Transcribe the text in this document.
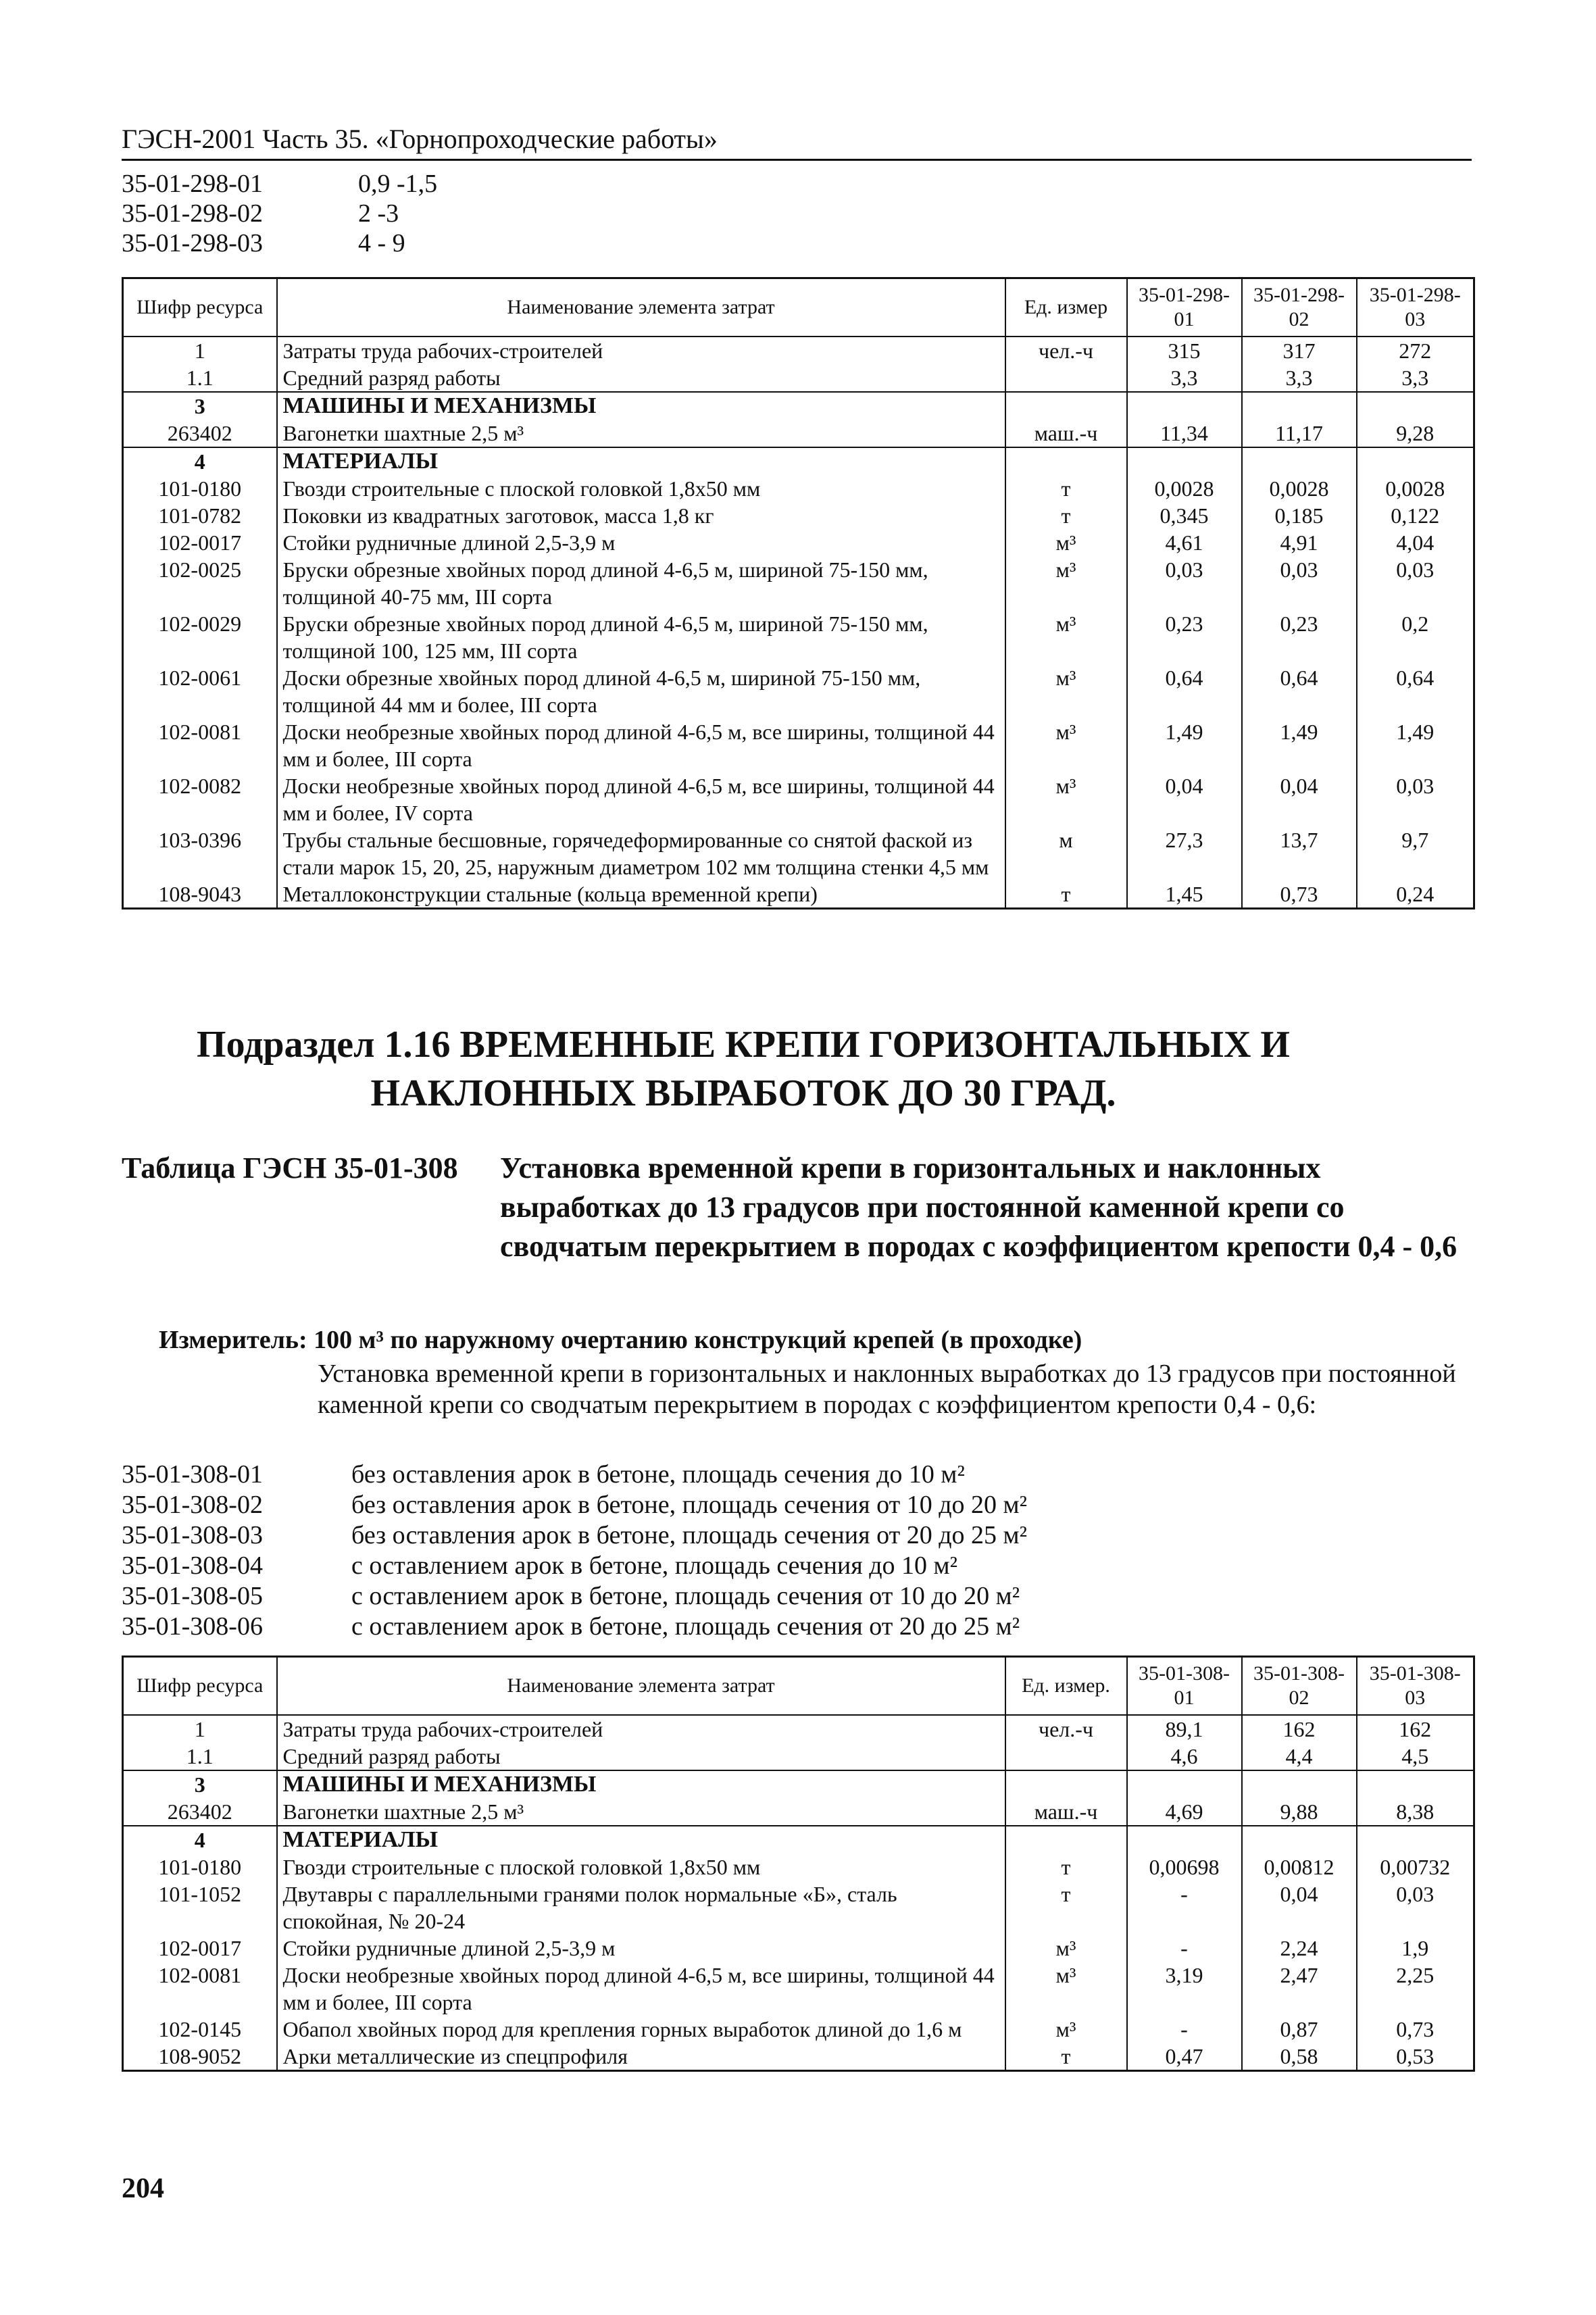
ГЭСН-2001 Часть 35. «Горнопроходческие работы»
35-01-298-01	0,9 -1,5
35-01-298-02	2 -3
35-01-298-03	4 - 9
Шифр ресурса	Наименование элемента затрат	Ед. измер	35-01-298-01	35-01-298-02	35-01-298-03
1	Затраты труда рабочих-строителей	чел.-ч	315	317	272
1.1	Средний разряд работы		3,3	3,3	3,3
3	МАШИНЫ И МЕХАНИЗМЫ				
263402	Вагонетки шахтные 2,5 м³	маш.-ч	11,34	11,17	9,28
4	МАТЕРИАЛЫ				
101-0180	Гвозди строительные с плоской головкой 1,8х50 мм	т	0,0028	0,0028	0,0028
101-0782	Поковки из квадратных заготовок, масса 1,8 кг	т	0,345	0,185	0,122
102-0017	Стойки рудничные длиной 2,5-3,9 м	м³	4,61	4,91	4,04
102-0025	Бруски обрезные хвойных пород длиной 4-6,5 м, шириной 75-150 мм, толщиной 40-75 мм, III сорта	м³	0,03	0,03	0,03
102-0029	Бруски обрезные хвойных пород длиной 4-6,5 м, шириной 75-150 мм, толщиной 100, 125 мм, III сорта	м³	0,23	0,23	0,2
102-0061	Доски обрезные хвойных пород длиной 4-6,5 м, шириной 75-150 мм, толщиной 44 мм и более, III сорта	м³	0,64	0,64	0,64
102-0081	Доски необрезные хвойных пород длиной 4-6,5 м, все ширины, толщиной 44 мм и более, III сорта	м³	1,49	1,49	1,49
102-0082	Доски необрезные хвойных пород длиной 4-6,5 м, все ширины, толщиной 44 мм и более, IV сорта	м³	0,04	0,04	0,03
103-0396	Трубы стальные бесшовные, горячедеформированные со снятой фаской из стали марок 15, 20, 25, наружным диаметром 102 мм толщина стенки 4,5 мм	м	27,3	13,7	9,7
108-9043	Металлоконструкции стальные (кольца временной крепи)	т	1,45	0,73	0,24
Подраздел 1.16 ВРЕМЕННЫЕ КРЕПИ ГОРИЗОНТАЛЬНЫХ И
НАКЛОННЫХ ВЫРАБОТОК ДО 30 ГРАД.
Таблица ГЭСН 35-01-308	Установка временной крепи в горизонтальных и наклонных выработках до 13 градусов при постоянной каменной крепи со сводчатым перекрытием в породах с коэффициентом крепости 0,4 - 0,6
Измеритель: 100 м³ по наружному очертанию конструкций крепей (в проходке)
Установка временной крепи в горизонтальных и наклонных выработках до 13 градусов при постоянной каменной крепи со сводчатым перекрытием в породах с коэффициентом крепости 0,4 - 0,6:
35-01-308-01	без оставления арок в бетоне, площадь сечения до 10 м²
35-01-308-02	без оставления арок в бетоне, площадь сечения от 10 до 20 м²
35-01-308-03	без оставления арок в бетоне, площадь сечения от 20 до 25 м²
35-01-308-04	с оставлением арок в бетоне, площадь сечения до 10 м²
35-01-308-05	с оставлением арок в бетоне, площадь сечения от 10 до 20 м²
35-01-308-06	с оставлением арок в бетоне, площадь сечения от 20 до 25 м²
Шифр ресурса	Наименование элемента затрат	Ед. измер.	35-01-308-01	35-01-308-02	35-01-308-03
1	Затраты труда рабочих-строителей	чел.-ч	89,1	162	162
1.1	Средний разряд работы		4,6	4,4	4,5
3	МАШИНЫ И МЕХАНИЗМЫ				
263402	Вагонетки шахтные 2,5 м³	маш.-ч	4,69	9,88	8,38
4	МАТЕРИАЛЫ				
101-0180	Гвозди строительные с плоской головкой 1,8х50 мм	т	0,00698	0,00812	0,00732
101-1052	Двутавры с параллельными гранями полок нормальные «Б», сталь спокойная, № 20-24	т	-	0,04	0,03
102-0017	Стойки рудничные длиной 2,5-3,9 м	м³	-	2,24	1,9
102-0081	Доски необрезные хвойных пород длиной 4-6,5 м, все ширины, толщиной 44 мм и более, III сорта	м³	3,19	2,47	2,25
102-0145	Обапол хвойных пород для крепления горных выработок длиной до 1,6 м	м³	-	0,87	0,73
108-9052	Арки металлические из спецпрофиля	т	0,47	0,58	0,53
204
